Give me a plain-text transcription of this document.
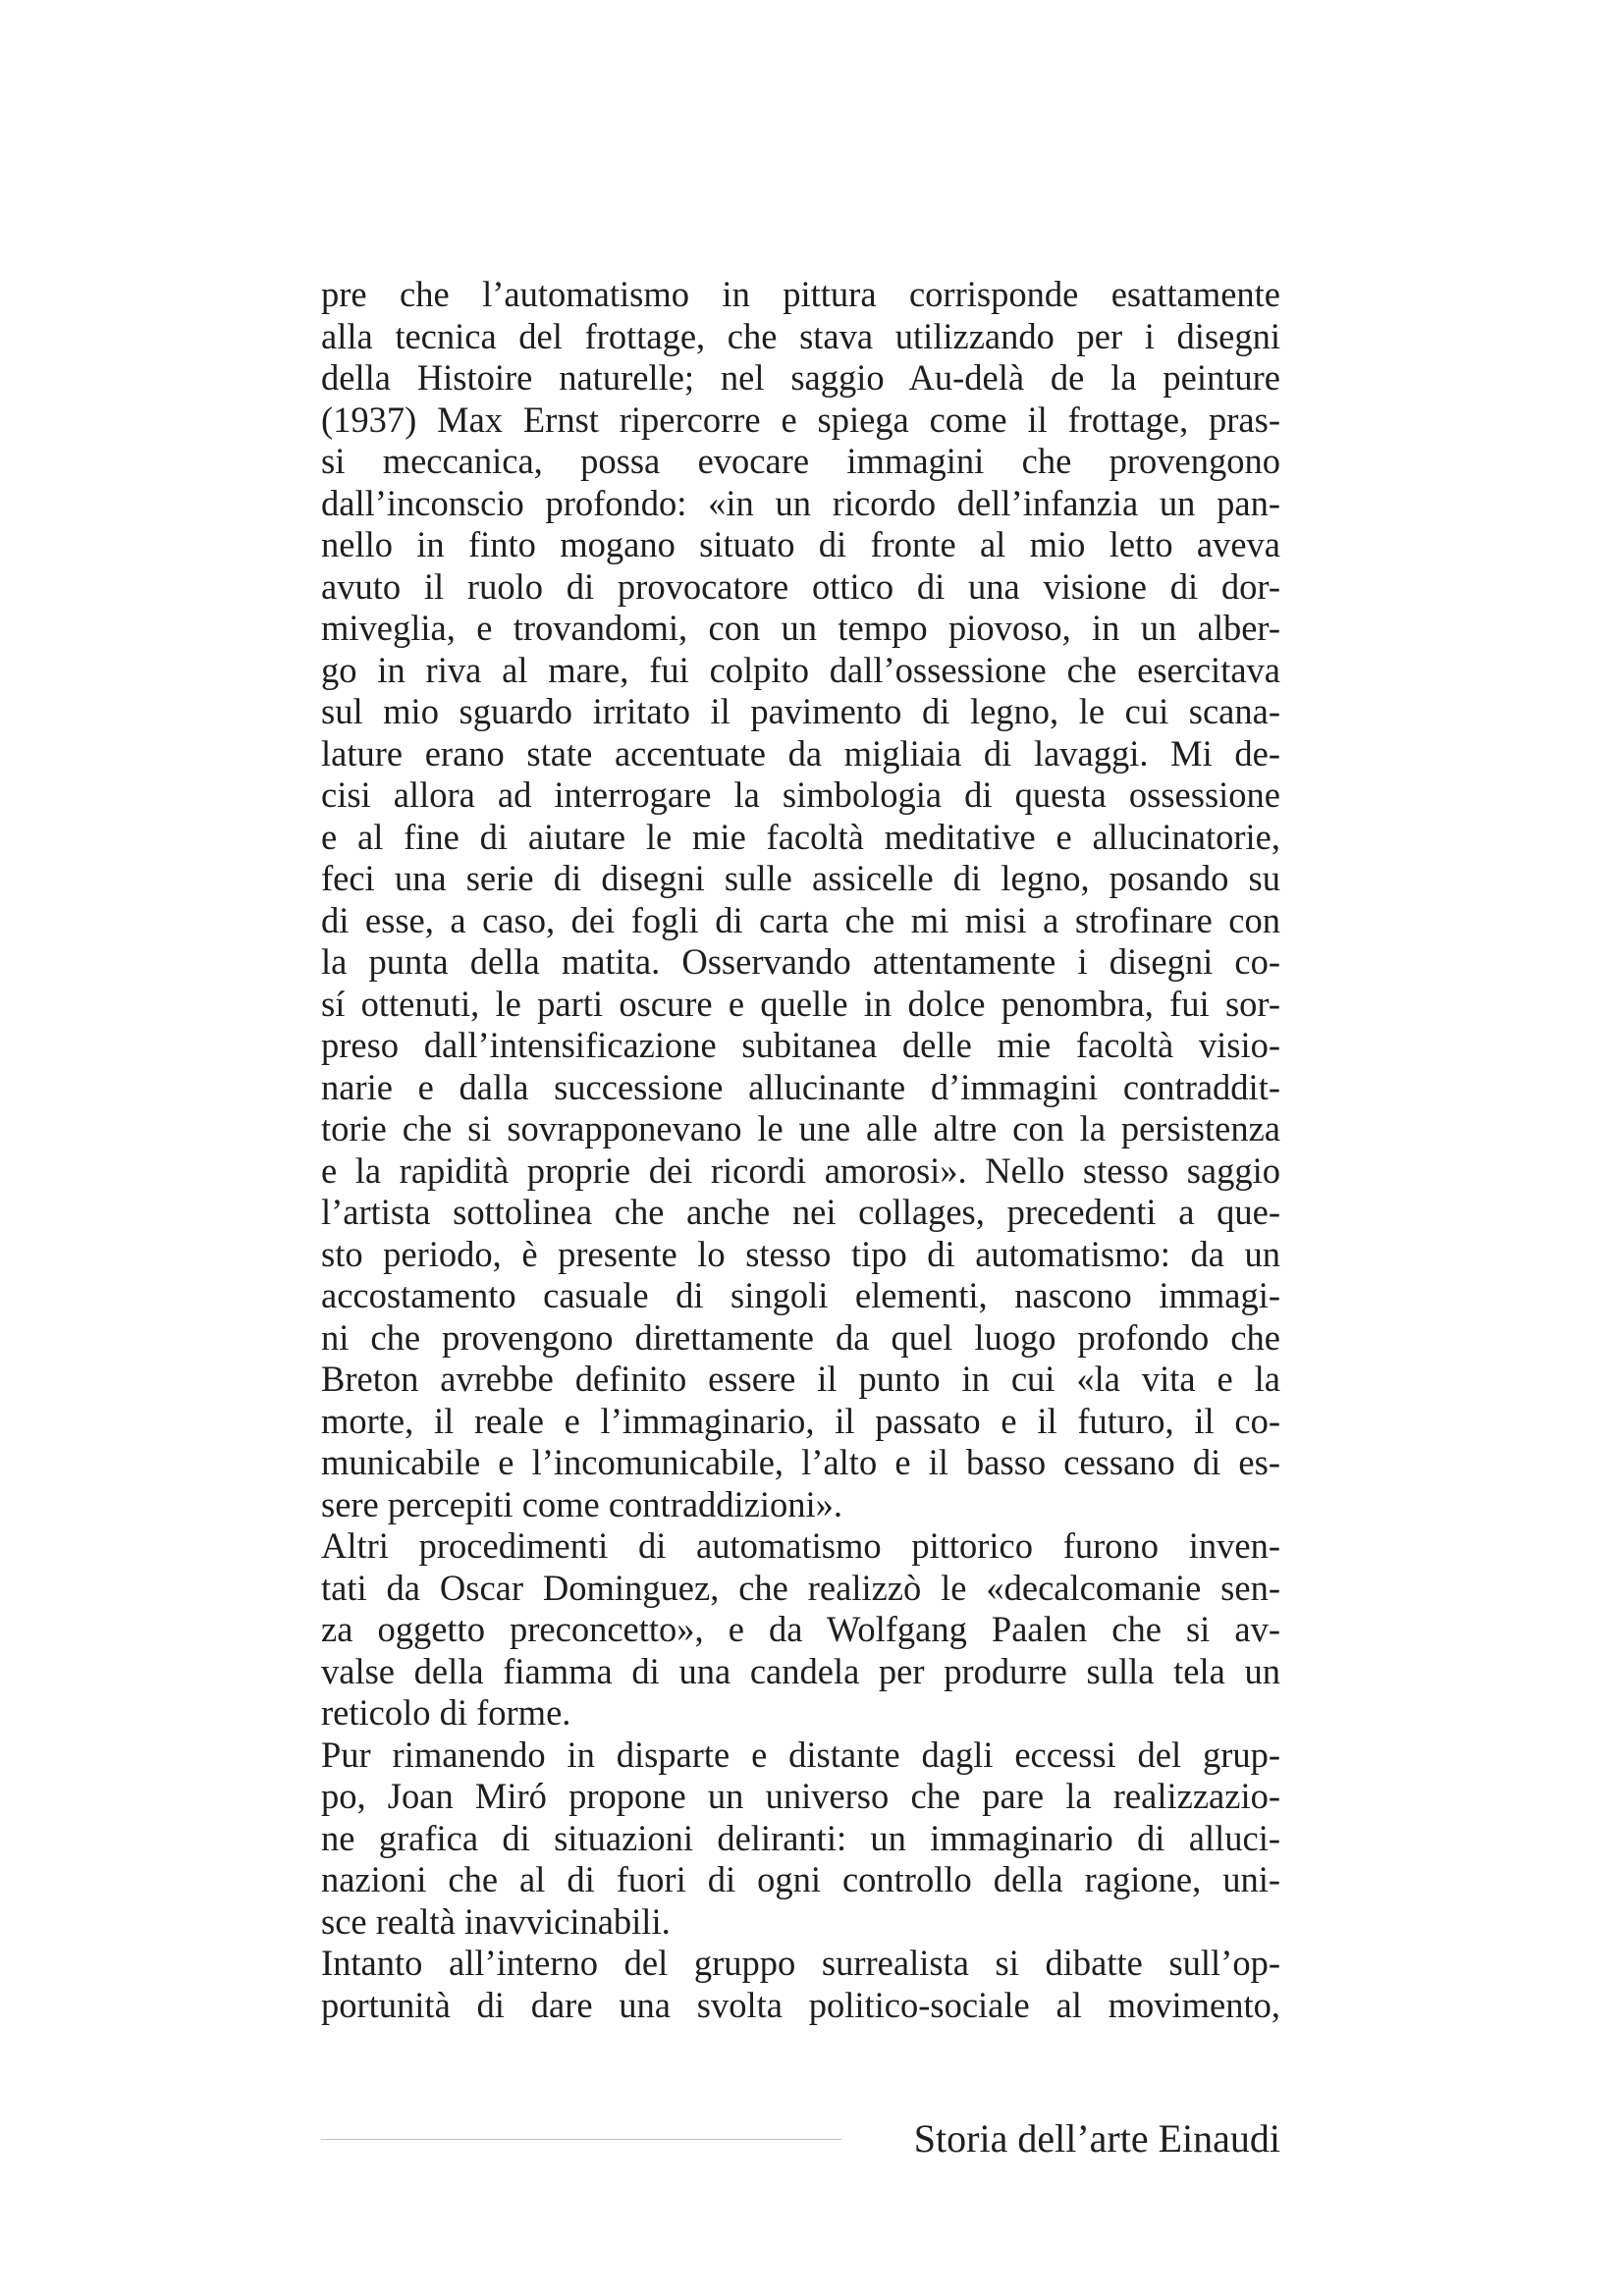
pre che l’automatismo in pittura corrisponde esattamente
alla tecnica del frottage, che stava utilizzando per i disegni
della Histoire naturelle; nel saggio Au-delà de la peinture
(1937) Max Ernst ripercorre e spiega come il frottage, pras-
si meccanica, possa evocare immagini che provengono
dall’inconscio profondo: «in un ricordo dell’infanzia un pan-
nello in finto mogano situato di fronte al mio letto aveva
avuto il ruolo di provocatore ottico di una visione di dor-
miveglia, e trovandomi, con un tempo piovoso, in un alber-
go in riva al mare, fui colpito dall’ossessione che esercitava
sul mio sguardo irritato il pavimento di legno, le cui scana-
lature erano state accentuate da migliaia di lavaggi. Mi de-
cisi allora ad interrogare la simbologia di questa ossessione
e al fine di aiutare le mie facoltà meditative e allucinatorie,
feci una serie di disegni sulle assicelle di legno, posando su
di esse, a caso, dei fogli di carta che mi misi a strofinare con
la punta della matita. Osservando attentamente i disegni co-
sí ottenuti, le parti oscure e quelle in dolce penombra, fui sor-
preso dall’intensificazione subitanea delle mie facoltà visio-
narie e dalla successione allucinante d’immagini contraddit-
torie che si sovrapponevano le une alle altre con la persistenza
e la rapidità proprie dei ricordi amorosi». Nello stesso saggio
l’artista sottolinea che anche nei collages, precedenti a que-
sto periodo, è presente lo stesso tipo di automatismo: da un
accostamento casuale di singoli elementi, nascono immagi-
ni che provengono direttamente da quel luogo profondo che
Breton avrebbe definito essere il punto in cui «la vita e la
morte, il reale e l’immaginario, il passato e il futuro, il co-
municabile e l’incomunicabile, l’alto e il basso cessano di es-
sere percepiti come contraddizioni».
Altri procedimenti di automatismo pittorico furono inven-
tati da Oscar Dominguez, che realizzò le «decalcomanie sen-
za oggetto preconcetto», e da Wolfgang Paalen che si av-
valse della fiamma di una candela per produrre sulla tela un
reticolo di forme.
Pur rimanendo in disparte e distante dagli eccessi del grup-
po, Joan Miró propone un universo che pare la realizzazio-
ne grafica di situazioni deliranti: un immaginario di alluci-
nazioni che al di fuori di ogni controllo della ragione, uni-
sce realtà inavvicinabili.
Intanto all’interno del gruppo surrealista si dibatte sull’op-
portunità di dare una svolta politico-sociale al movimento,
Storia dell’arte Einaudi
